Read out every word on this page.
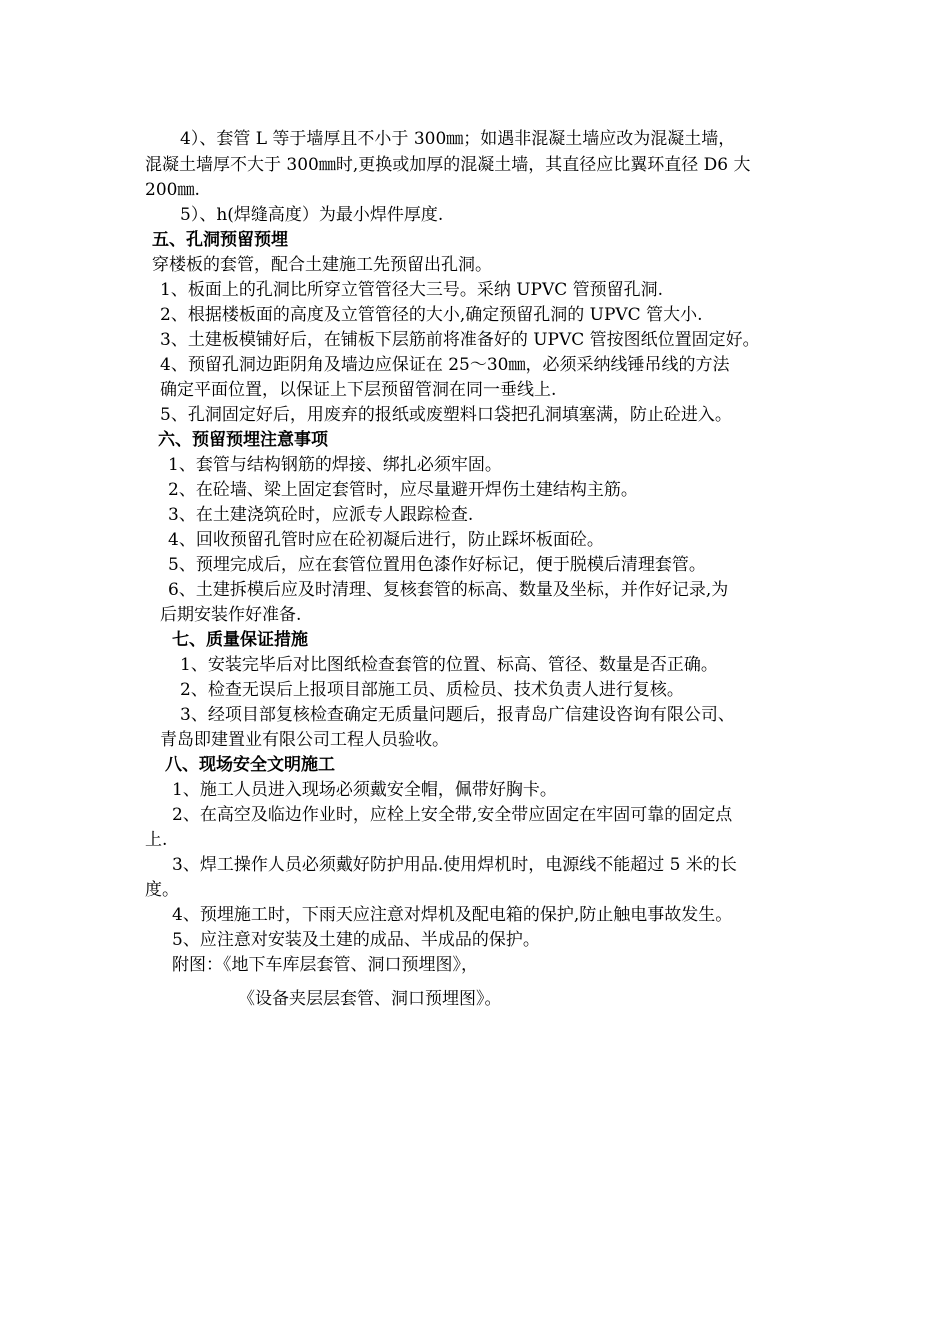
4）、套管 L 等于墙厚且不小于 300㎜；如遇非混凝土墙应改为混凝土墙，
混凝土墙厚不大于 300㎜时,更换或加厚的混凝土墙，其直径应比翼环直径 D6 大
200㎜.
5）、h(焊缝高度）为最小焊件厚度.
五、孔洞预留预埋
穿楼板的套管，配合土建施工先预留出孔洞。
1、板面上的孔洞比所穿立管管径大三号。采纳 UPVC 管预留孔洞.
2、根据楼板面的高度及立管管径的大小,确定预留孔洞的 UPVC 管大小.
3、土建板模铺好后，在铺板下层筋前将准备好的 UPVC 管按图纸位置固定好。
4、预留孔洞边距阴角及墙边应保证在 25～30㎜，必须采纳线锤吊线的方法
确定平面位置，以保证上下层预留管洞在同一垂线上.
5、孔洞固定好后，用废弃的报纸或废塑料口袋把孔洞填塞满，防止砼进入。
六、预留预埋注意事项
1、套管与结构钢筋的焊接、绑扎必须牢固。
2、在砼墙、梁上固定套管时，应尽量避开焊伤土建结构主筋。
3、在土建浇筑砼时，应派专人跟踪检查.
4、回收预留孔管时应在砼初凝后进行，防止踩坏板面砼。
5、预埋完成后，应在套管位置用色漆作好标记，便于脱模后清理套管。
6、土建拆模后应及时清理、复核套管的标高、数量及坐标，并作好记录,为
后期安装作好准备.
七、质量保证措施
1、安装完毕后对比图纸检查套管的位置、标高、管径、数量是否正确。
2、检查无误后上报项目部施工员、质检员、技术负责人进行复核。
3、经项目部复核检查确定无质量问题后，报青岛广信建设咨询有限公司、
青岛即建置业有限公司工程人员验收。
八、现场安全文明施工
1、施工人员进入现场必须戴安全帽，佩带好胸卡。
2、在高空及临边作业时，应栓上安全带,安全带应固定在牢固可靠的固定点
上.
3、焊工操作人员必须戴好防护用品.使用焊机时，电源线不能超过 5 米的长
度。
4、预埋施工时，下雨天应注意对焊机及配电箱的保护,防止触电事故发生。
5、应注意对安装及土建的成品、半成品的保护。
附图：《地下车库层套管、洞口预埋图》，
《设备夹层层套管、洞口预埋图》。
